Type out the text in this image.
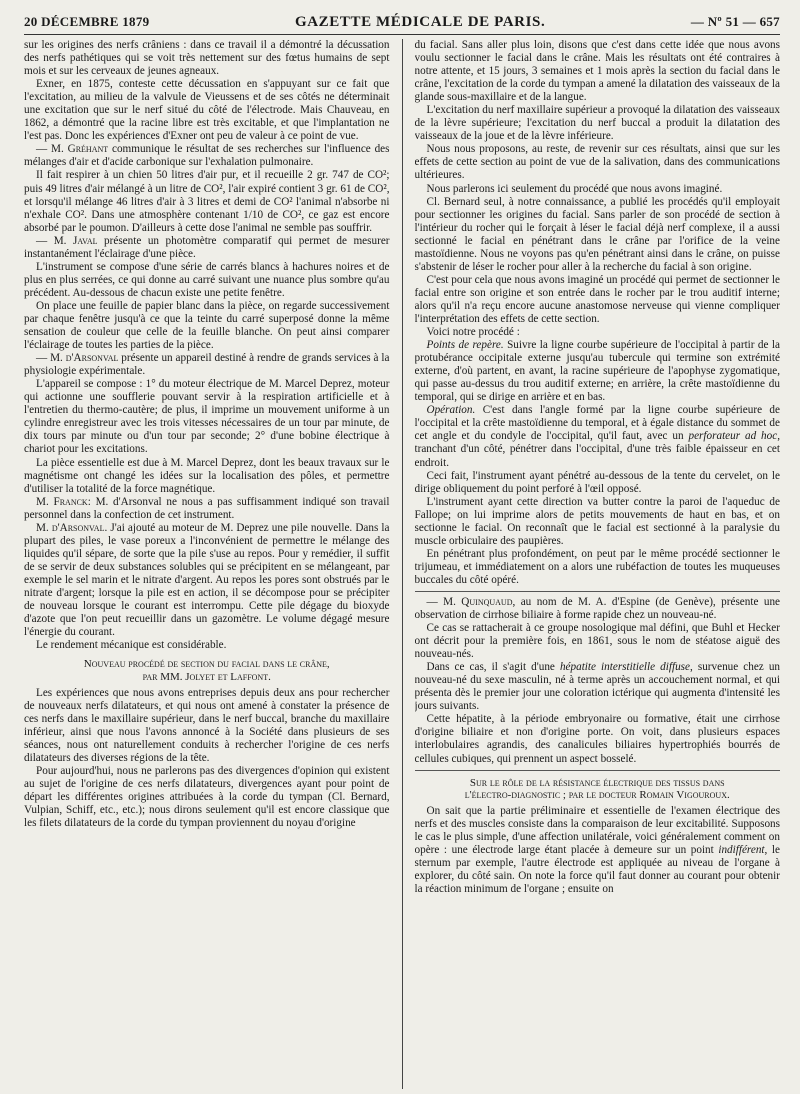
20 DÉCEMBRE 1879	GAZETTE MÉDICALE DE PARIS.	— Nº 51 — 657

sur les origines des nerfs crâniens : dans ce travail il a démontré la décussation des nerfs pathétiques qui se voit très nettement sur des fœtus humains de sept mois et sur les cerveaux de jeunes agneaux.

Exner, en 1875, conteste cette décussation en s'appuyant sur ce fait que l'excitation, au milieu de la valvule de Vieussens et de ses côtés ne déterminait une excitation que sur le nerf situé du côté de l'électrode. Mais Chauveau, en 1862, a démontré que la racine libre est très excitable, et que l'implantation ne l'est pas. Donc les expériences d'Exner ont peu de valeur à ce point de vue.

— M. Gréhant communique le résultat de ses recherches sur l'influence des mélanges d'air et d'acide carbonique sur l'exhalation pulmonaire.

Il fait respirer à un chien 50 litres d'air pur, et il recueille 2 gr. 747 de CO²; puis 49 litres d'air mélangé à un litre de CO², l'air expiré contient 3 gr. 61 de CO², et lorsqu'il mélange 46 litres d'air à 3 litres et demi de CO² l'animal n'absorbe ni n'exhale CO². Dans une atmosphère contenant 1/10 de CO², ce gaz est encore absorbé par le poumon. D'ailleurs à cette dose l'animal ne semble pas souffrir.

— M. Javal présente un photomètre comparatif qui permet de mesurer instantanément l'éclairage d'une pièce.

L'instrument se compose d'une série de carrés blancs à hachures noires et de plus en plus serrées, ce qui donne au carré suivant une nuance plus sombre qu'au précédent. Au-dessous de chacun existe une petite fenêtre.

On place une feuille de papier blanc dans la pièce, on regarde successivement par chaque fenêtre jusqu'à ce que la teinte du carré superposé donne la même sensation de couleur que celle de la feuille blanche. On peut ainsi comparer l'éclairage de toutes les parties de la pièce.

— M. d'Arsonval présente un appareil destiné à rendre de grands services à la physiologie expérimentale.

L'appareil se compose : 1° du moteur électrique de M. Marcel Deprez, moteur qui actionne une soufflerie pouvant servir à la respiration artificielle et à l'entretien du thermo-cautère; de plus, il imprime un mouvement uniforme à un cylindre enregistreur avec les trois vitesses nécessaires de un tour par minute, de dix tours par minute ou d'un tour par seconde; 2° d'une bobine électrique à chariot pour les excitations.

La pièce essentielle est due à M. Marcel Deprez, dont les beaux travaux sur le magnétisme ont changé les idées sur la localisation des pôles, et permettre d'utiliser la totalité de la force magnétique.

M. Franck: M. d'Arsonval ne nous a pas suffisamment indiqué son travail personnel dans la confection de cet instrument.

M. d'Arsonval. J'ai ajouté au moteur de M. Deprez une pile nouvelle. Dans la plupart des piles, le vase poreux a l'inconvénient de permettre le mélange des liquides qu'il sépare, de sorte que la pile s'use au repos. Pour y remédier, il suffit de se servir de deux substances solubles qui se précipitent en se mélangeant, par exemple le sel marin et le nitrate d'argent. Au repos les pores sont obstrués par le nitrate d'argent; lorsque la pile est en action, il se décompose pour se précipiter de nouveau lorsque le courant est interrompu. Cette pile dégage du bioxyde d'azote que l'on peut recueillir dans un gazomètre. Le volume dégagé mesure l'énergie du courant.

Le rendement mécanique est considérable.

Nouveau procédé de section du facial dans le crâne,
par MM. Jolyet et Laffont.

Les expériences que nous avons entreprises depuis deux ans pour rechercher de nouveaux nerfs dilatateurs, et qui nous ont amené à constater la présence de ces nerfs dans le maxillaire supérieur, dans le nerf buccal, branche du maxillaire inférieur, ainsi que nous l'avons annoncé à la Société dans plusieurs de ses séances, nous ont naturellement conduits à rechercher l'origine de ces nerfs dilatateurs des diverses régions de la tête.

Pour aujourd'hui, nous ne parlerons pas des divergences d'opinion qui existent au sujet de l'origine de ces nerfs dilatateurs, divergences ayant pour point de départ les différentes origines attribuées à la corde du tympan (Cl. Bernard, Vulpian, Schiff, etc., etc.); nous dirons seulement qu'il est encore classique que les filets dilatateurs de la corde du tympan proviennent du noyau d'origine

du facial. Sans aller plus loin, disons que c'est dans cette idée que nous avons voulu sectionner le facial dans le crâne. Mais les résultats ont été contraires à notre attente, et 15 jours, 3 semaines et 1 mois après la section du facial dans le crâne, l'excitation de la corde du tympan a amené la dilatation des vaisseaux de la glande sous-maxillaire et de la langue.

L'excitation du nerf maxillaire supérieur a provoqué la dilatation des vaisseaux de la lèvre supérieure; l'excitation du nerf buccal a produit la dilatation des vaisseaux de la joue et de la lèvre inférieure.

Nous nous proposons, au reste, de revenir sur ces résultats, ainsi que sur les effets de cette section au point de vue de la salivation, dans des communications ultérieures.

Nous parlerons ici seulement du procédé que nous avons imaginé.

Cl. Bernard seul, à notre connaissance, a publié les procédés qu'il employait pour sectionner les origines du facial. Sans parler de son procédé de section à l'intérieur du rocher qui le forçait à léser le facial déjà nerf complexe, il a aussi sectionné le facial en pénétrant dans le crâne par l'orifice de la veine mastoïdienne. Nous ne voyons pas qu'en pénétrant ainsi dans le crâne, on puisse s'abstenir de léser le rocher pour aller à la recherche du facial à son origine.

C'est pour cela que nous avons imaginé un procédé qui permet de sectionner le facial entre son origine et son entrée dans le rocher par le trou auditif interne; alors qu'il n'a reçu encore aucune anastomose nerveuse qui vienne compliquer l'interprétation des effets de cette section.

Voici notre procédé :

Points de repère. Suivre la ligne courbe supérieure de l'occipital à partir de la protubérance occipitale externe jusqu'au tubercule qui termine son extrémité externe, d'où partent, en avant, la racine supérieure de l'apophyse zygomatique, qui passe au-dessus du trou auditif externe; en arrière, la crête mastoïdienne du temporal, qui se dirige en arrière et en bas.

Opération. C'est dans l'angle formé par la ligne courbe supérieure de l'occipital et la crête mastoïdienne du temporal, et à égale distance du sommet de cet angle et du condyle de l'occipital, qu'il faut, avec un perforateur ad hoc, tranchant d'un côté, pénétrer dans l'occipital, d'une très faible épaisseur en cet endroit.

Ceci fait, l'instrument ayant pénétré au-dessous de la tente du cervelet, on le dirige obliquement du point perforé à l'œil opposé.

L'instrument ayant cette direction va butter contre la paroi de l'aqueduc de Fallope; on lui imprime alors de petits mouvements de haut en bas, et on sectionne le facial. On reconnaît que le facial est sectionné à la paralysie du muscle orbiculaire des paupières.

En pénétrant plus profondément, on peut par le même procédé sectionner le trijumeau, et immédiatement on a alors une rubéfaction de toutes les muqueuses buccales du côté opéré.

— M. Quinquaud, au nom de M. A. d'Espine (de Genève), présente une observation de cirrhose biliaire à forme rapide chez un nouveau-né.

Ce cas se rattacherait à ce groupe nosologique mal défini, que Buhl et Hecker ont décrit pour la première fois, en 1861, sous le nom de stéatose aiguë des nouveau-nés.

Dans ce cas, il s'agit d'une hépatite interstitielle diffuse, survenue chez un nouveau-né du sexe masculin, né à terme après un accouchement normal, et qui présenta dès le premier jour une coloration ictérique qui augmenta d'intensité les jours suivants.

Cette hépatite, à la période embryonaire ou formative, était une cirrhose d'origine biliaire et non d'origine porte. On voit, dans plusieurs espaces interlobulaires agrandis, des canalicules biliaires hypertrophiés bourrés de cellules cubiques, qui prennent un aspect bosselé.

Sur le rôle de la résistance électrique des tissus dans
l'électro-diagnostic ; par le docteur Romain Vigouroux.

On sait que la partie préliminaire et essentielle de l'examen électrique des nerfs et des muscles consiste dans la comparaison de leur excitabilité. Supposons le cas le plus simple, d'une affection unilatérale, voici généralement comment on opère : une électrode large étant placée à demeure sur un point indifférent, le sternum par exemple, l'autre électrode est appliquée au niveau de l'organe à explorer, du côté sain. On note la force qu'il faut donner au courant pour obtenir la réaction minimum de l'organe ; ensuite on
